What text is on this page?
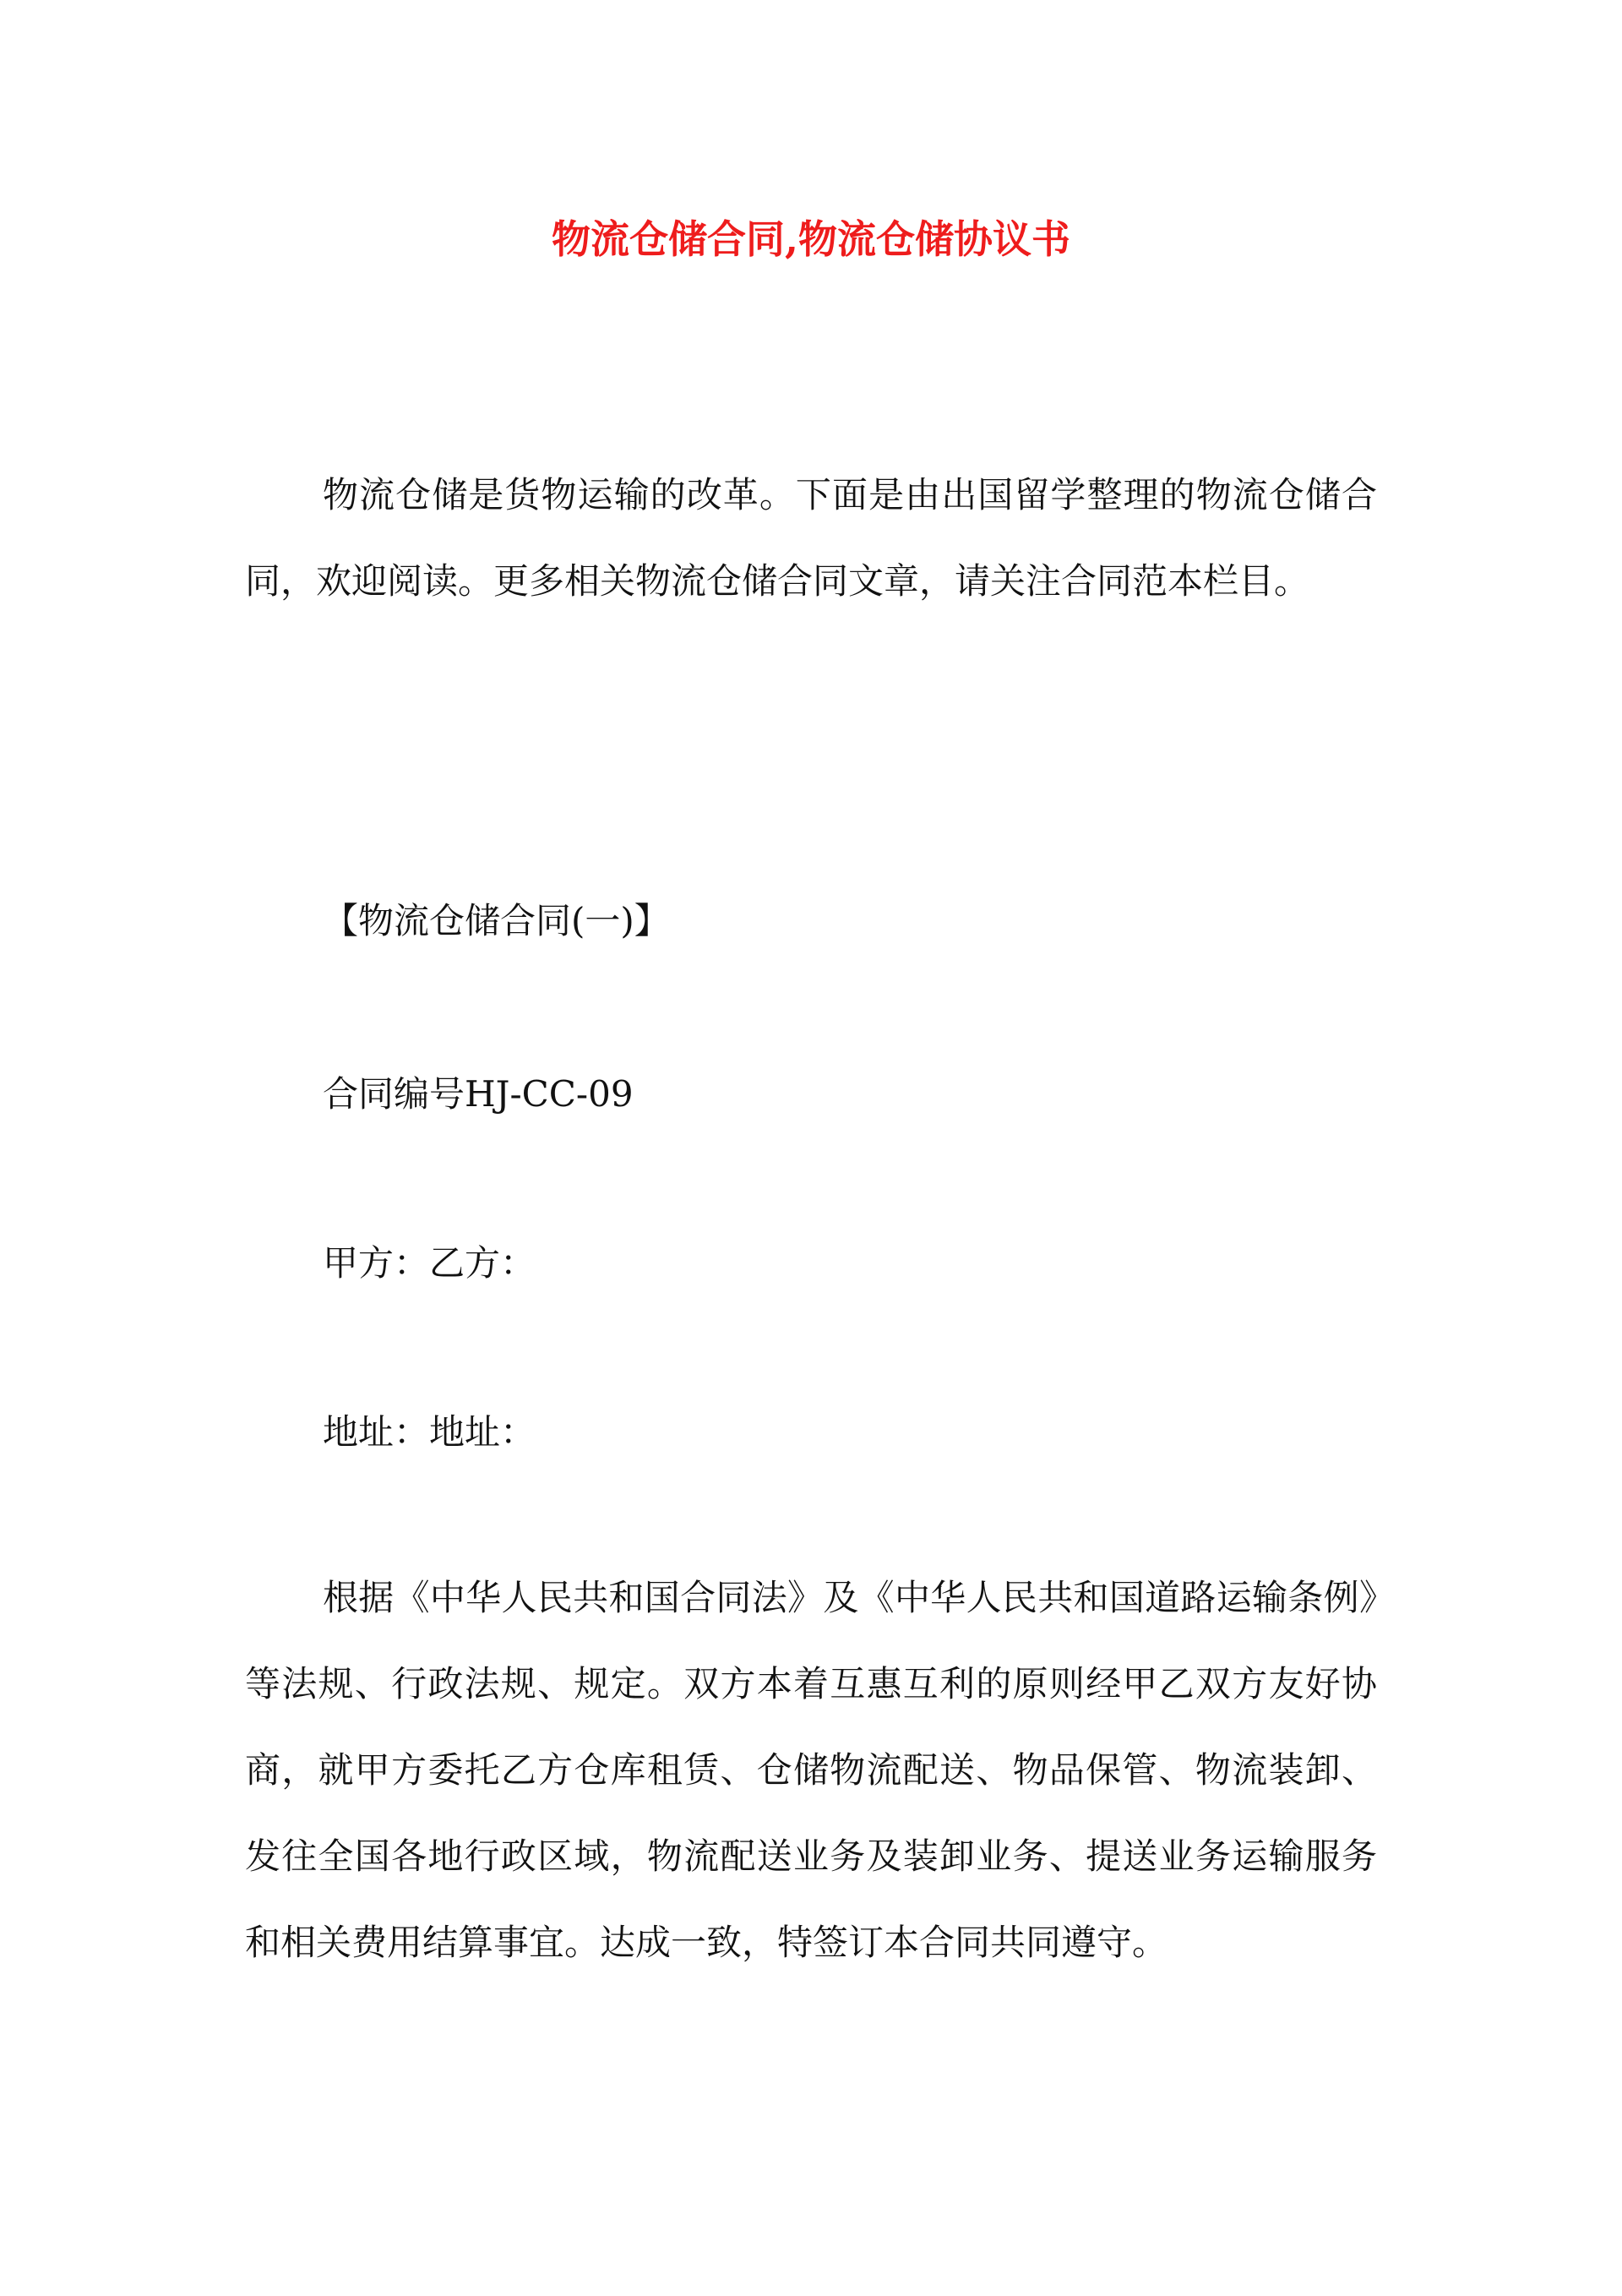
物流仓储合同,物流仓储协议书
物流仓储是货物运输的改革。下面是由出国留学整理的物流仓储合同，欢迎阅读。更多相关物流仓储合同文章，请关注合同范本栏目。
【物流仓储合同(一)】
合同编号HJ-CC-09
甲方：乙方：
地址：地址：
根据《中华人民共和国合同法》及《中华人民共和国道路运输条例》等法规、行政法规、规定。双方本着互惠互利的原则经甲乙双方友好协商，就甲方委托乙方仓库租赁、仓储物流配送、物品保管、物流装卸、发往全国各地行政区域，物流配送业务及装卸业务、提送业务运输服务和相关费用结算事宜。达成一致，特签订本合同共同遵守。
